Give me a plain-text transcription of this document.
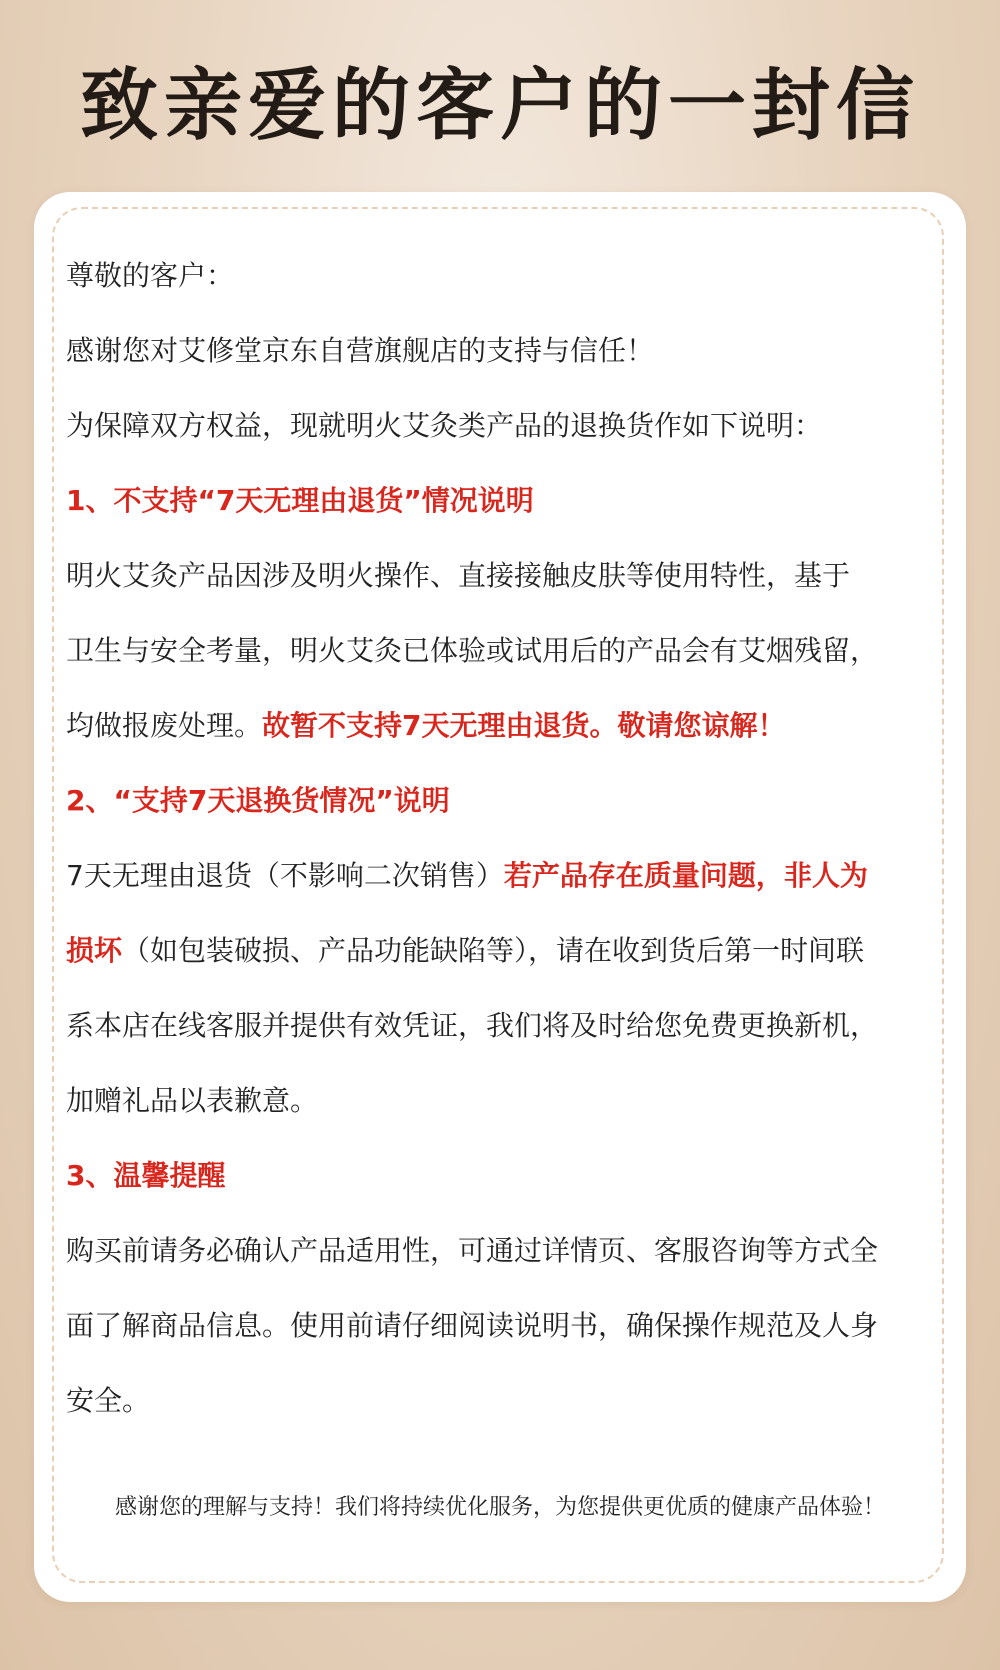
致亲爱的客户的一封信
尊敬的客户：
感谢您对艾修堂京东自营旗舰店的支持与信任！
为保障双方权益，现就明火艾灸类产品的退换货作如下说明：
1、不支持“7天无理由退货”情况说明
明火艾灸产品因涉及明火操作、直接接触皮肤等使用特性，基于
卫生与安全考量，明火艾灸已体验或试用后的产品会有艾烟残留，
均做报废处理。故暂不支持7天无理由退货。敬请您谅解！
2、“支持7天退换货情况”说明
7天无理由退货（不影响二次销售）若产品存在质量问题，非人为
损坏（如包装破损、产品功能缺陷等），请在收到货后第一时间联
系本店在线客服并提供有效凭证，我们将及时给您免费更换新机，
加赠礼品以表歉意。
3、温馨提醒
购买前请务必确认产品适用性，可通过详情页、客服咨询等方式全
面了解商品信息。使用前请仔细阅读说明书，确保操作规范及人身
安全。
感谢您的理解与支持！我们将持续优化服务，为您提供更优质的健康产品体验！
